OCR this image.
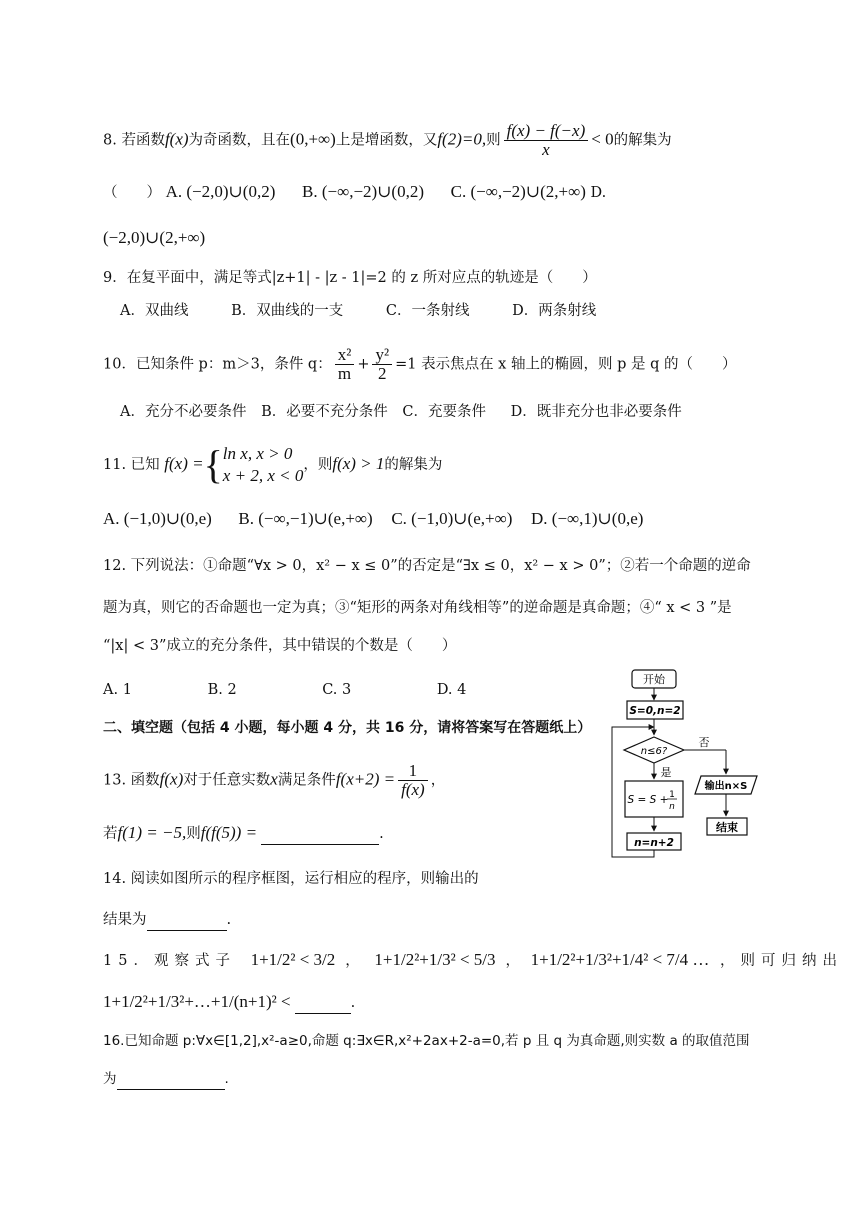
8. 若函数f(x)为奇函数，且在(0,+∞)上是增函数，又f(2)=0,则 $\frac{f(x) - f(-x)}{x} < 0$的解集为
（　　） A. (−2,0)∪(0,2) B. (−∞,−2)∪(0,2) C. (−∞,−2)∪(2,+∞) D.
(−2,0)∪(2,+∞)
9．在复平面中，满足等式|z+1| - |z - 1|=2 的 z 所对应点的轨迹是（　　）
A．双曲线	B．双曲线的一支	C．一条射线	D．两条射线
10．已知条件 p：m＞3，条件 q： $\frac{\text{x²}}{m} + \frac{\text{y²}}{2} =1$ 表示焦点在 x 轴上的椭圆，则 p 是 q 的（　　）
A．充分不必要条件 B．必要不充分条件 C．充要条件 D．既非充分也非必要条件
11. 已知 f(x) ={ ln x, x > 0
x + 2, x < 0
，则f(x) > 1的解集为
A. (−1,0)∪(0,e) B. (−∞,−1)∪(e,+∞) C. (−1,0)∪(e,+∞) D. (−∞,1)∪(0,e)
12. 下列说法：①命题“∀x > 0，x² − x ≤ 0”的否定是“∃x ≤ 0，x² − x > 0”；②若一个命题的逆命
题为真，则它的否命题也一定为真；③“矩形的两条对角线相等”的逆命题是真命题；④“ x < 3 ”是
“|x| < 3”成立的充分条件，其中错误的个数是（　　）
A. 1	B. 2	C. 3	D. 4
二、填空题（包括 4 小题，每小题 4 分，共 16 分，请将答案写在答题纸上）
13. 函数f(x)对于任意实数x满足条件$f(x+2) = \frac{1}{f(x)}$ ，
若f(1) = −5,则f(f(5)) =	.
14. 阅读如图所示的程序框图，运行相应的程序，则输出的
结果为	.
15．观察式子 1+1/2² < 3/2 ， 1+1/2²+1/3² < 5/3 ， 1+1/2²+1/3²+1/4² < 7/4 … ，则可归纳出
1+1/2²+1/3²+…+1/(n+1)² <	.
16.已知命题 p:∀x∈[1,2],x²-a≥0,命题 q:∃x∈R,x²+2ax+2-a=0,若 p 且 q 为真命题,则实数 a 的取值范围
为	.
开始
S=0,n=2
n≤6?
否
输出n×S
结束
是
S = S + 1
n
n=n+2
